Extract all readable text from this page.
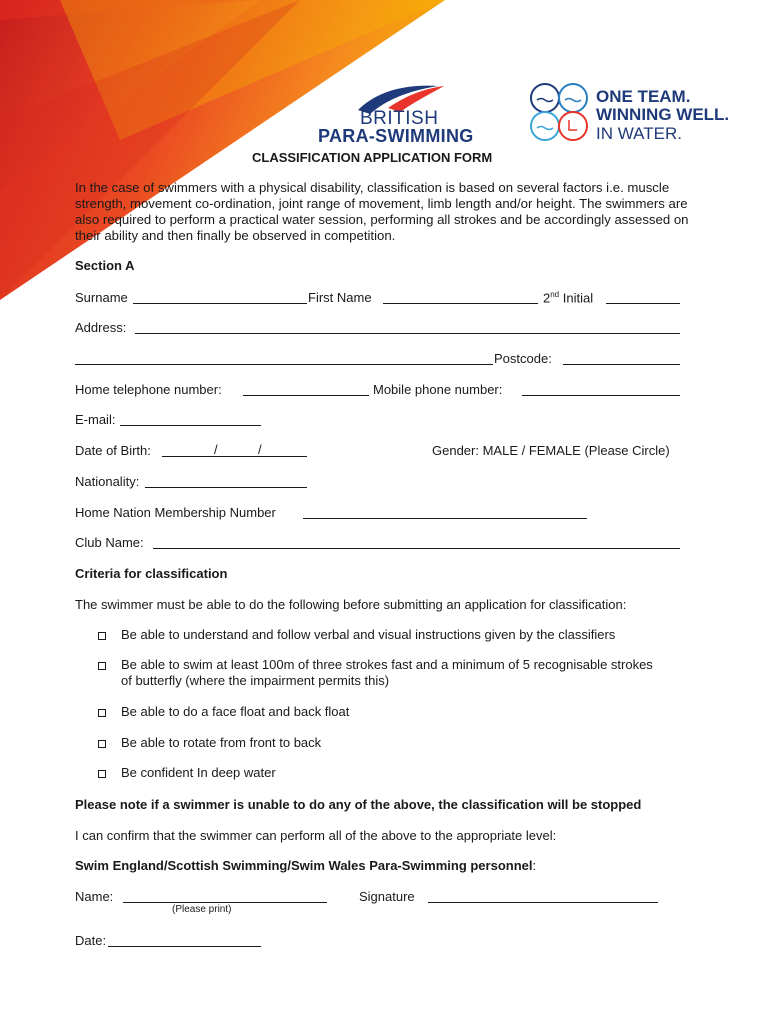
BRITISH
PARA-SWIMMING
ONE TEAM.
WINNING WELL.
IN WATER.
CLASSIFICATION APPLICATION FORM
In the case of swimmers with a physical disability, classification is based on several factors i.e. muscle strength, movement co-ordination, joint range of movement, limb length and/or height. The swimmers are also required to perform a practical water session, performing all strokes and be accordingly assessed on their ability and then finally be observed in competition.
Section A
Surname	First Name	2nd Initial
Address:
Postcode:
Home telephone number:	Mobile phone number:
E-mail:
Date of Birth:	/	/	Gender: MALE / FEMALE (Please Circle)
Nationality:
Home Nation Membership Number
Club Name:
Criteria for classification
The swimmer must be able to do the following before submitting an application for classification:
Be able to understand and follow verbal and visual instructions given by the classifiers
Be able to swim at least 100m of three strokes fast and a minimum of 5 recognisable strokes of butterfly (where the impairment permits this)
Be able to do a face float and back float
Be able to rotate from front to back
Be confident In deep water
Please note if a swimmer is unable to do any of the above, the classification will be stopped
I can confirm that the swimmer can perform all of the above to the appropriate level:
Swim England/Scottish Swimming/Swim Wales Para-Swimming personnel:
Name:
(Please print)
Signature
Date:
